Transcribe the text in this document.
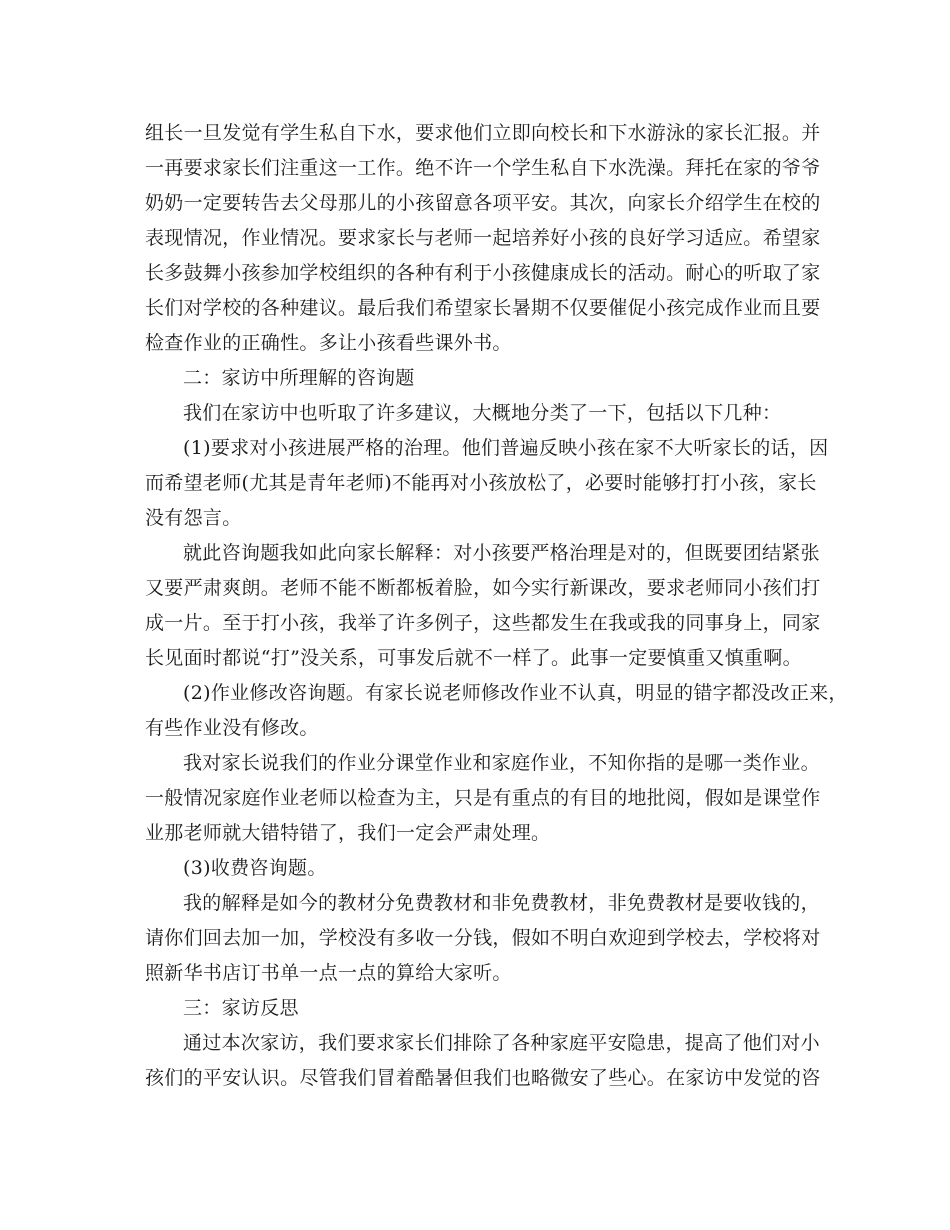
组长一旦发觉有学生私自下水，要求他们立即向校长和下水游泳的家长汇报。并
一再要求家长们注重这一工作。绝不许一个学生私自下水洗澡。拜托在家的爷爷
奶奶一定要转告去父母那儿的小孩留意各项平安。其次，向家长介绍学生在校的
表现情况，作业情况。要求家长与老师一起培养好小孩的良好学习适应。希望家
长多鼓舞小孩参加学校组织的各种有利于小孩健康成长的活动。耐心的听取了家
长们对学校的各种建议。最后我们希望家长暑期不仅要催促小孩完成作业而且要
检查作业的正确性。多让小孩看些课外书。
二：家访中所理解的咨询题
我们在家访中也听取了许多建议，大概地分类了一下，包括以下几种：
(1)要求对小孩进展严格的治理。他们普遍反映小孩在家不大听家长的话，因
而希望老师(尤其是青年老师)不能再对小孩放松了，必要时能够打打小孩，家长
没有怨言。
就此咨询题我如此向家长解释：对小孩要严格治理是对的，但既要团结紧张
又要严肃爽朗。老师不能不断都板着脸，如今实行新课改，要求老师同小孩们打
成一片。至于打小孩，我举了许多例子，这些都发生在我或我的同事身上，同家
长见面时都说“打”没关系，可事发后就不一样了。此事一定要慎重又慎重啊。
(2)作业修改咨询题。有家长说老师修改作业不认真，明显的错字都没改正来，
有些作业没有修改。
我对家长说我们的作业分课堂作业和家庭作业，不知你指的是哪一类作业。
一般情况家庭作业老师以检查为主，只是有重点的有目的地批阅，假如是课堂作
业那老师就大错特错了，我们一定会严肃处理。
(3)收费咨询题。
我的解释是如今的教材分免费教材和非免费教材，非免费教材是要收钱的，
请你们回去加一加，学校没有多收一分钱，假如不明白欢迎到学校去，学校将对
照新华书店订书单一点一点的算给大家听。
三：家访反思
通过本次家访，我们要求家长们排除了各种家庭平安隐患，提高了他们对小
孩们的平安认识。尽管我们冒着酷暑但我们也略微安了些心。在家访中发觉的咨
